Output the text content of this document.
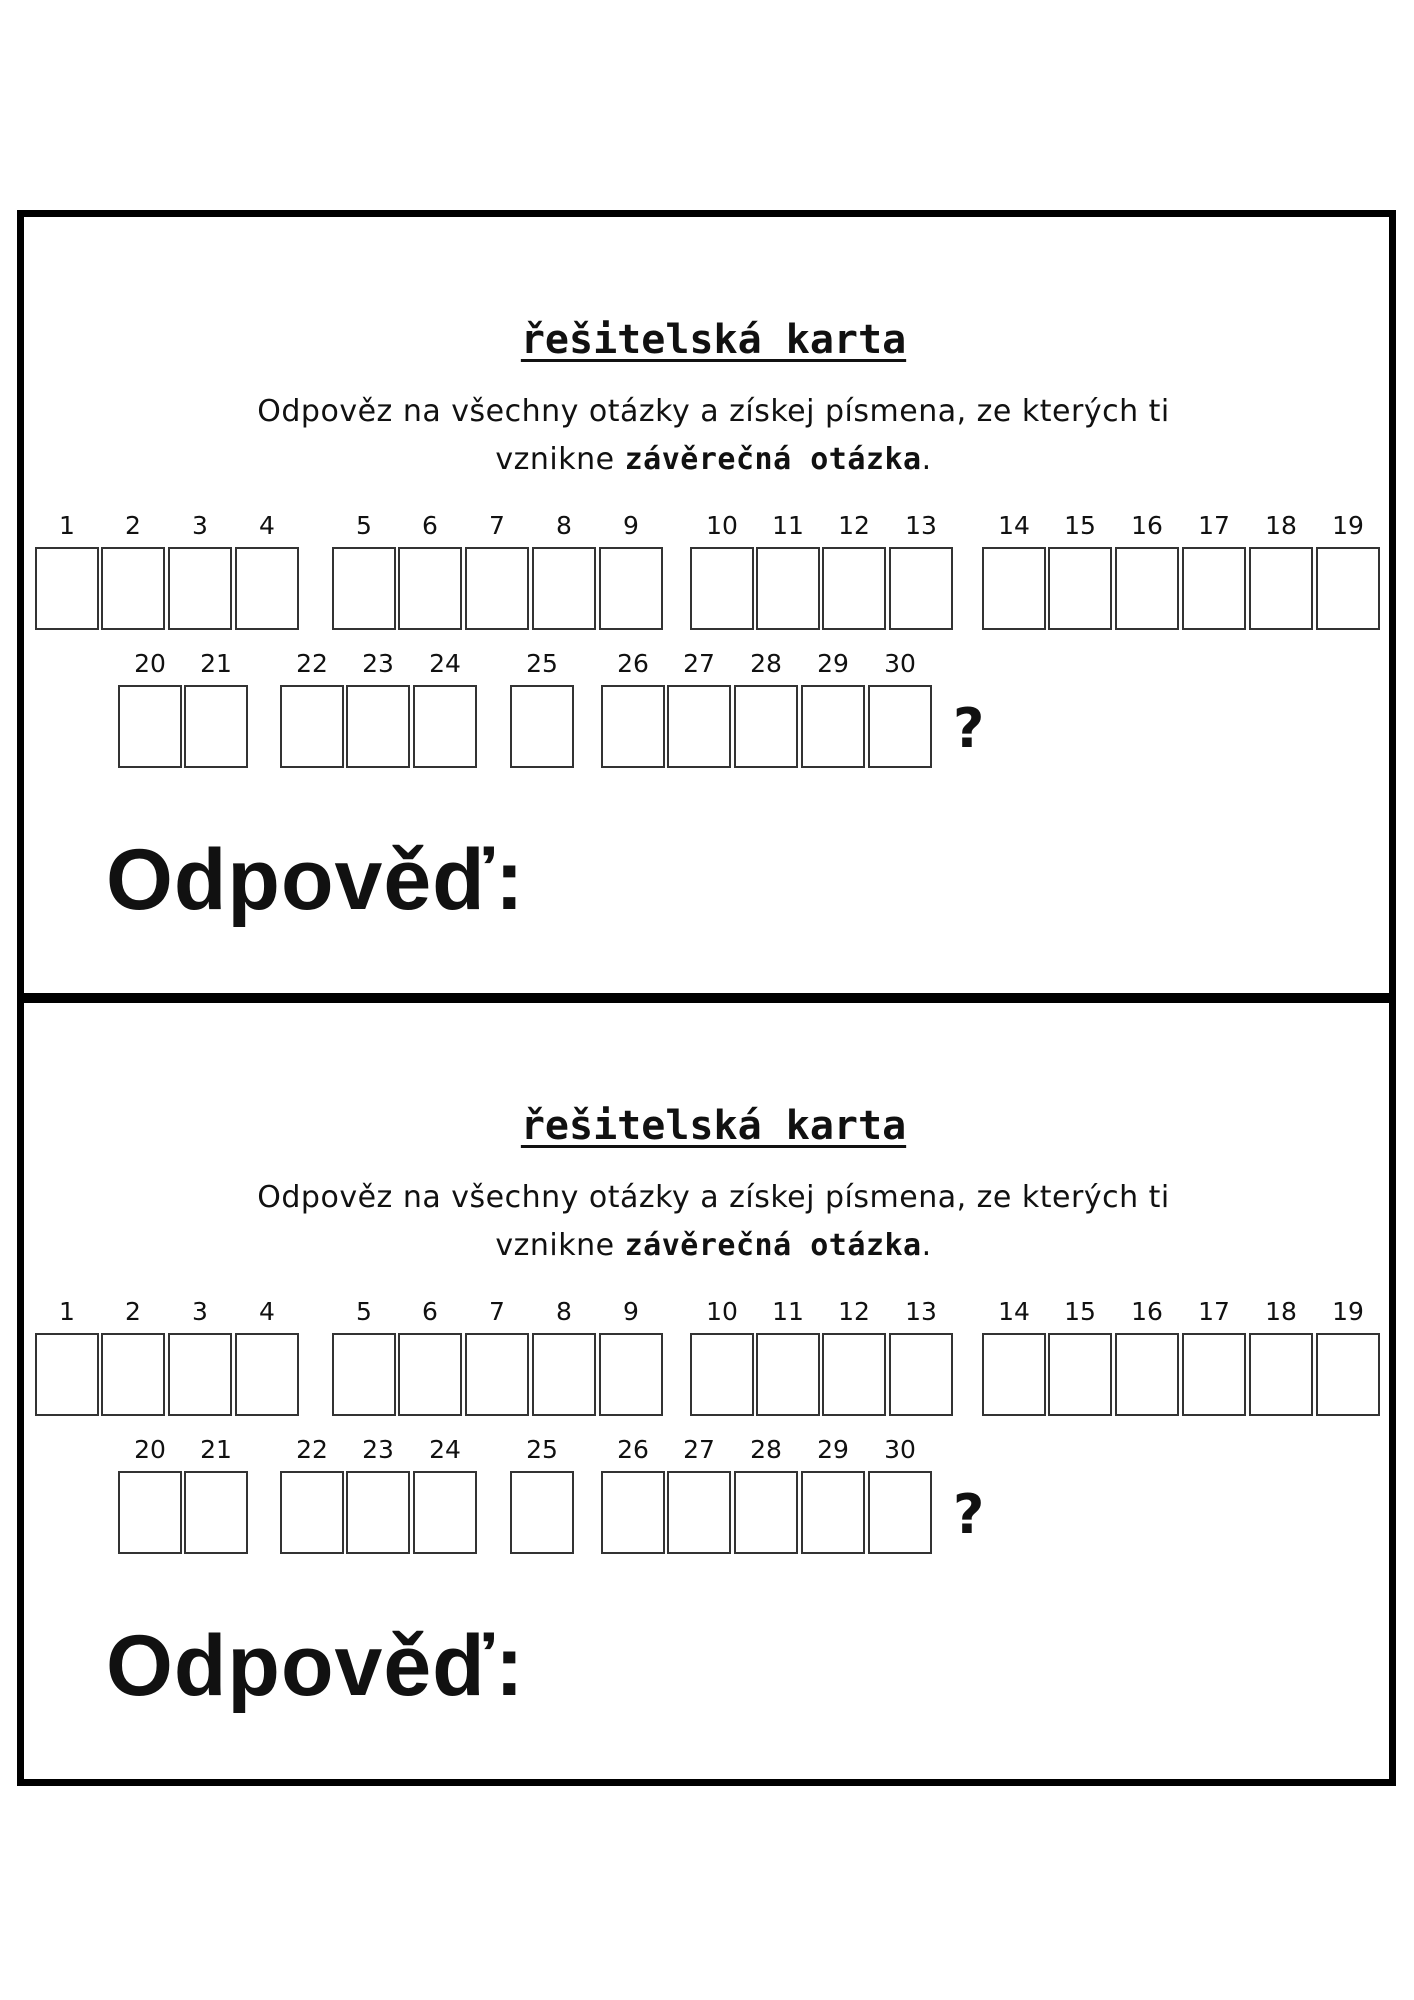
řešitelská karta
Odpověz na všechny otázky a získej písmena, ze kterých ti
vznikne závěrečná otázka.
1	2	3	4	5	6	7	8	9	10 11 12 13 14 15 16 17 18 19
20 21	22 23 24	25 26 27 28 29 30
?
Odpověď:
řešitelská karta
Odpověz na všechny otázky a získej písmena, ze kterých ti
vznikne závěrečná otázka.
1	2	3	4	5	6	7	8	9	10 11 12 13 14 15 16 17 18 19
20 21	22 23 24	25 26 27 28 29 30
?
Odpověď:
